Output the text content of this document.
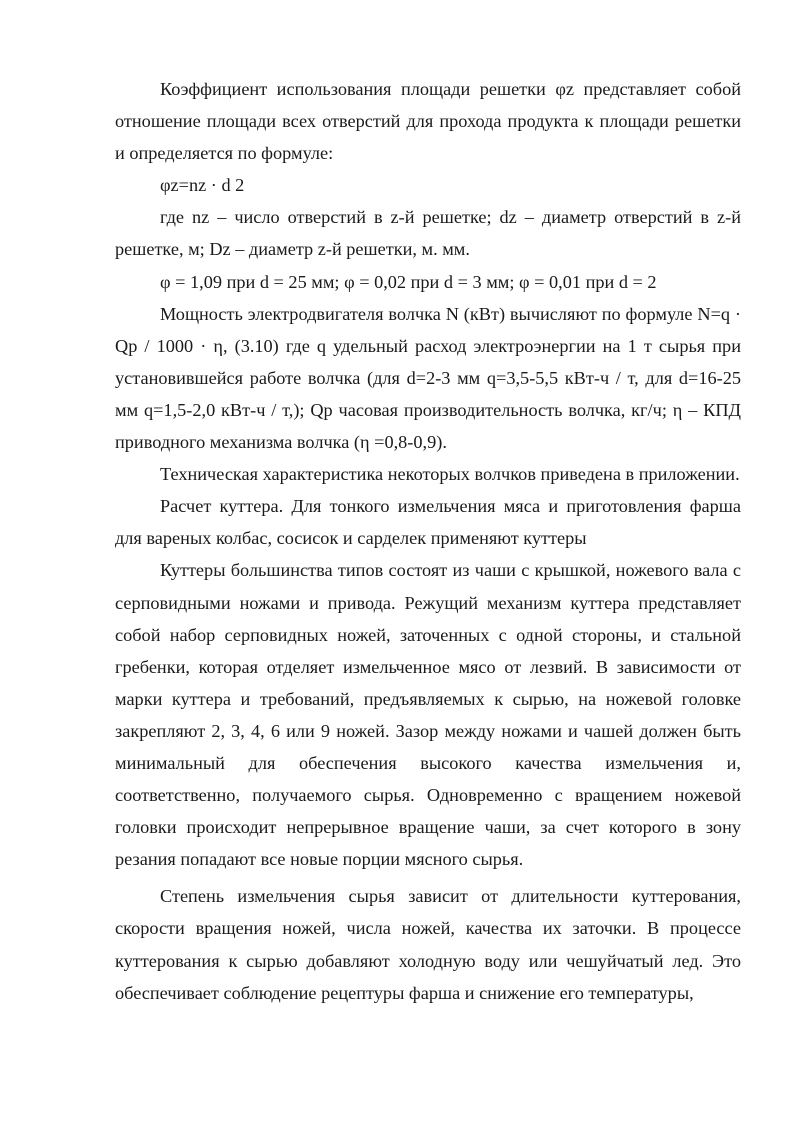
Коэффициент использования площади решетки φz представляет собой отношение площади всех отверстий для прохода продукта к площади решетки и определяется по формуле:

φz=nz · d 2

где nz – число отверстий в z-й решетке; dz – диаметр отверстий в z-й решетке, м; Dz – диаметр z-й решетки, м. мм.

φ = 1,09 при d = 25 мм; φ = 0,02 при d = 3 мм; φ = 0,01 при d = 2

Мощность электродвигателя волчка N (кВт) вычисляют по формуле N=q · Qр / 1000 · η, (3.10) где q удельный расход электроэнергии на 1 т сырья при установившейся работе волчка (для d=2-3 мм q=3,5-5,5 кВт-ч / т, для d=16-25 мм q=1,5-2,0 кВт-ч / т,); Qр часовая производительность волчка, кг/ч; η – КПД приводного механизма волчка (η =0,8-0,9).

Техническая характеристика некоторых волчков приведена в приложении.

Расчет куттера. Для тонкого измельчения мяса и приготовления фарша для вареных колбас, сосисок и сарделек применяют куттеры

Куттеры большинства типов состоят из чаши с крышкой, ножевого вала с серповидными ножами и привода. Режущий механизм куттера представляет собой набор серповидных ножей, заточенных с одной стороны, и стальной гребенки, которая отделяет измельченное мясо от лезвий. В зависимости от марки куттера и требований, предъявляемых к сырью, на ножевой головке закрепляют 2, 3, 4, 6 или 9 ножей. Зазор между ножами и чашей должен быть минимальный для обеспечения высокого качества измельчения и, соответственно, получаемого сырья. Одновременно с вращением ножевой головки происходит непрерывное вращение чаши, за счет которого в зону резания попадают все новые порции мясного сырья.

Степень измельчения сырья зависит от длительности куттерования, скорости вращения ножей, числа ножей, качества их заточки. В процессе куттерования к сырью добавляют холодную воду или чешуйчатый лед. Это обеспечивает соблюдение рецептуры фарша и снижение его температуры,
